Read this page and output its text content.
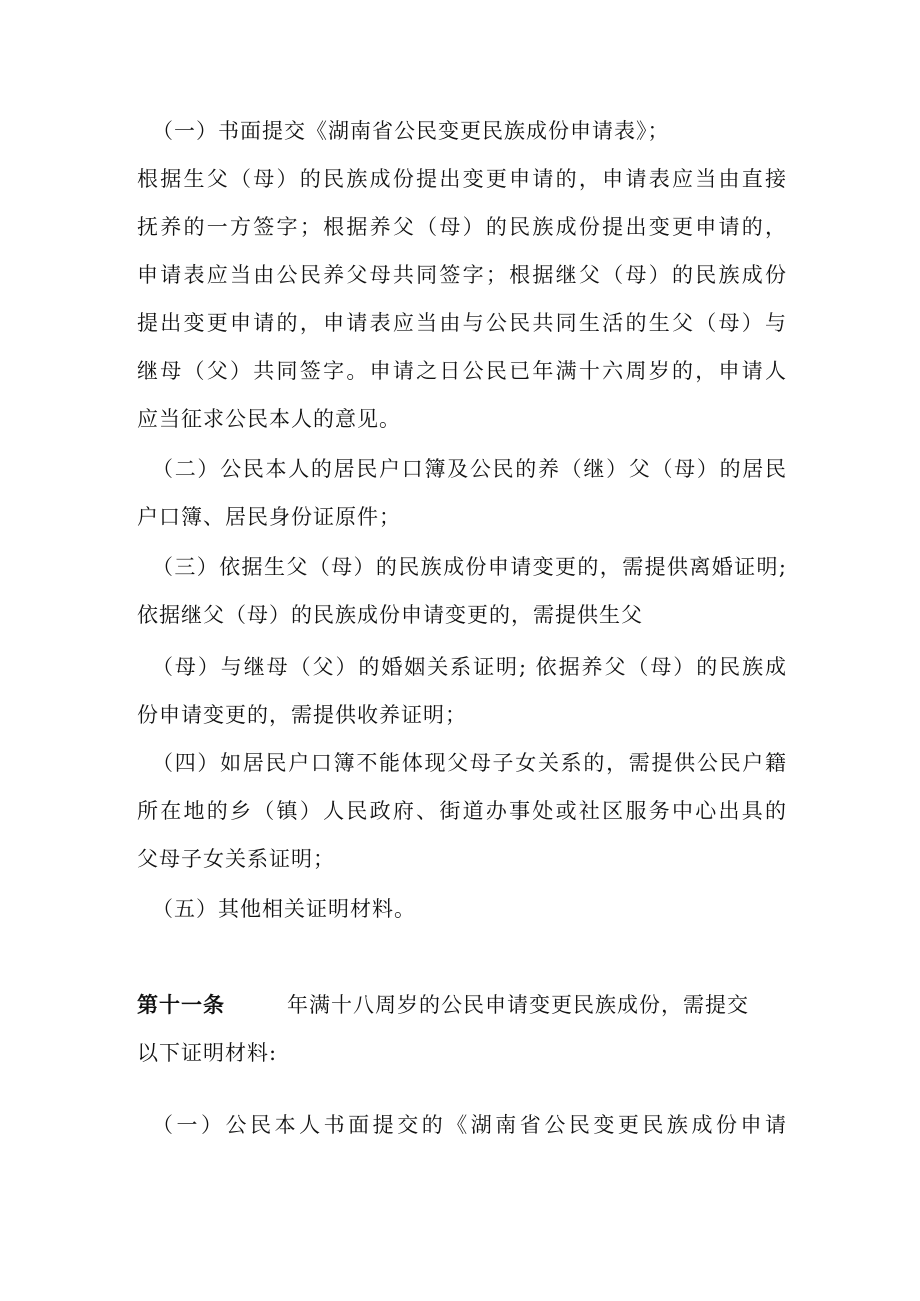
（一）书面提交《湖南省公民变更民族成份申请表》；
根据生父（母）的民族成份提出变更申请的，申请表应当由直接
抚养的一方签字；根据养父（母）的民族成份提出变更申请的，
申请表应当由公民养父母共同签字；根据继父（母）的民族成份
提出变更申请的，申请表应当由与公民共同生活的生父（母）与
继母（父）共同签字。申请之日公民已年满十六周岁的，申请人
应当征求公民本人的意见。
（二）公民本人的居民户口簿及公民的养（继）父（母）的居民
户口簿、居民身份证原件；
（三）依据生父（母）的民族成份申请变更的，需提供离婚证明;
依据继父（母）的民族成份申请变更的，需提供生父
（母）与继母（父）的婚姻关系证明; 依据养父（母）的民族成
份申请变更的，需提供收养证明；
（四）如居民户口簿不能体现父母子女关系的，需提供公民户籍
所在地的乡（镇）人民政府、街道办事处或社区服务中心出具的
父母子女关系证明；
（五）其他相关证明材料。
第十一条	年满十八周岁的公民申请变更民族成份，需提交
以下证明材料:
（一）公民本人书面提交的《湖南省公民变更民族成份申请
